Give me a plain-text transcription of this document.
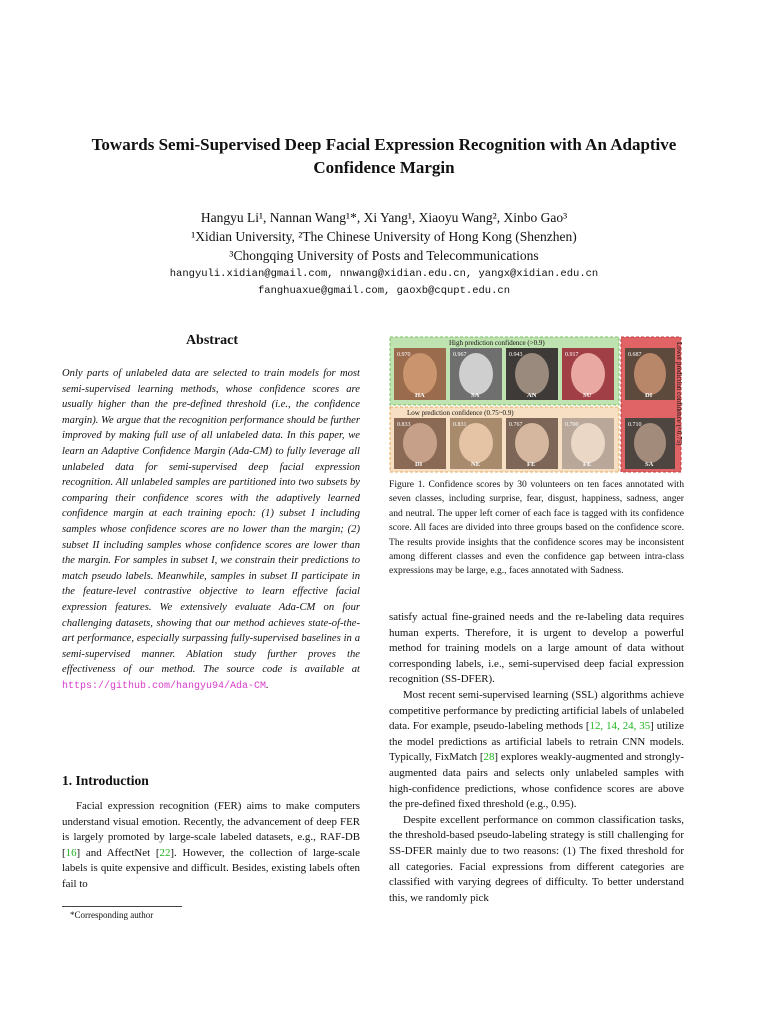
Towards Semi-Supervised Deep Facial Expression Recognition with An Adaptive
Confidence Margin
Hangyu Li¹, Nannan Wang¹*, Xi Yang¹, Xiaoyu Wang², Xinbo Gao³
¹Xidian University, ²The Chinese University of Hong Kong (Shenzhen)
³Chongqing University of Posts and Telecommunications
hangyuli.xidian@gmail.com, nnwang@xidian.edu.cn, yangx@xidian.edu.cn
fanghuaxue@gmail.com, gaoxb@cqupt.edu.cn
Abstract

Only parts of unlabeled data are selected to train models for most semi-supervised learning methods, whose confidence scores are usually higher than the pre-defined threshold (i.e., the confidence margin). We argue that the recognition performance should be further improved by making full use of all unlabeled data. In this paper, we learn an Adaptive Confidence Margin (Ada-CM) to fully leverage all unlabeled data for semi-supervised deep facial expression recognition. All unlabeled samples are partitioned into two subsets by comparing their confidence scores with the adaptively learned confidence margin at each training epoch: (1) subset I including samples whose confidence scores are no lower than the margin; (2) subset II including samples whose confidence scores are lower than the margin. For samples in subset I, we constrain their predictions to match pseudo labels. Meanwhile, samples in subset II participate in the feature-level contrastive objective to learn effective facial expression features. We extensively evaluate Ada-CM on four challenging datasets, showing that our method achieves state-of-the-art performance, especially surpassing fully-supervised baselines in a semi-supervised manner. Ablation study further proves the effectiveness of our method. The source code is available at https://github.com/hangyu94/Ada-CM.

1. Introduction

Facial expression recognition (FER) aims to make computers understand visual emotion. Recently, the advancement of deep FER is largely promoted by large-scale labeled datasets, e.g., RAF-DB [16] and AffectNet [22]. However, the collection of large-scale labels is quite expensive and difficult. Besides, existing labels often fail to

*Corresponding author
High prediction confidence (>0.9)
Low prediction confidence (0.75~0.9)	Lower prediction confidence (<0.75)
0.970
HA
0.967
SA
0.943
AN
0.917
SU
0.687
DI
0.833
DI
0.831
NE
0.767
FE
0.700
FE
0.710
SA

Figure 1. Confidence scores by 30 volunteers on ten faces annotated with seven classes, including surprise, fear, disgust, happiness, sadness, anger and neutral. The upper left corner of each face is tagged with its confidence score. All faces are divided into three groups based on the confidence score. The results provide insights that the confidence scores may be inconsistent among different classes and even the confidence gap between intra-class expressions may be large, e.g., faces annotated with Sadness.

satisfy actual fine-grained needs and the re-labeling data requires human experts. Therefore, it is urgent to develop a powerful method for training models on a large amount of data without corresponding labels, i.e., semi-supervised deep facial expression recognition (SS-DFER).

Most recent semi-supervised learning (SSL) algorithms achieve competitive performance by predicting artificial labels of unlabeled data. For example, pseudo-labeling methods [12, 14, 24, 35] utilize the model predictions as artificial labels to retrain CNN models. Typically, FixMatch [28] explores weakly-augmented and strongly-augmented data pairs and selects only unlabeled samples with high-confidence predictions, whose confidence scores are above the pre-defined fixed threshold (e.g., 0.95).

Despite excellent performance on common classification tasks, the threshold-based pseudo-labeling strategy is still challenging for SS-DFER mainly due to two reasons: (1) The fixed threshold for all categories. Facial expressions from different categories are classified with varying degrees of difficulty. To better understand this, we randomly pick
